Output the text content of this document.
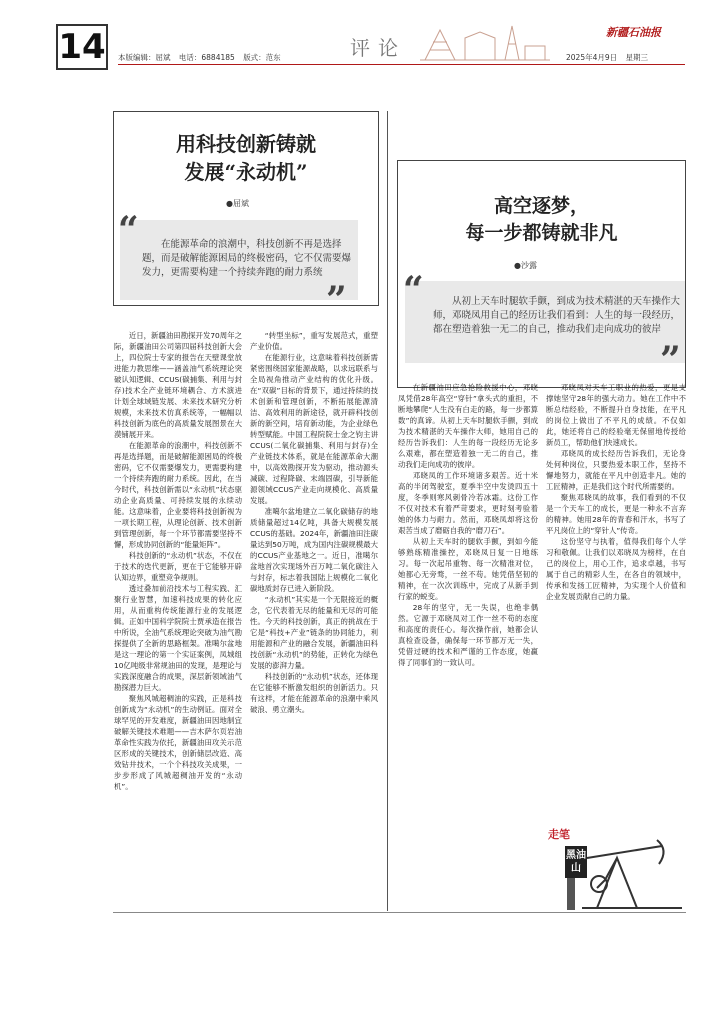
14	本版编辑：屈斌 电话：6884185 版式：范东	评论
新疆石油报
2025年4月9日 星期三
用科技创新铸就
发展“永动机”
●屈斌

在能源革命的浪潮中，科技创新不再是选择题，而是破解能源困局的终极密码，它不仅需要爆发力，更需要构建一个持续奔跑的耐力系统

“
”

近日，新疆油田勘探开发70周年之际，新疆油田公司第四届科技创新大会上，四位院士专家的报告在天壁课堂放进能力教思维——涵盖油气系统理论突破认知逻辑、CCUS(碳捕集、利用与封存)技术全产业链环境耦合、方术演进计划全球域链发展、未来技术研究分析规模，未来技术仿真系统等，一幅幅以科技创新为底色的高质量发展图景在大漠铺展开来。

在能源革命的浪潮中，科技创新不再是选择题，而是破解能源困局的终极密码，它不仅需要爆发力，更需要构建一个持续奔跑的耐力系统。因此，在当今时代，科技创新需以“永动机”状态驱动企业高质量、可持续发展的永续动能。这意味着，企业要将科技创新视为一项长期工程，从理论创新、技术创新到管理创新，每一个环节都需要坚持不懈，形成协同创新的“能量矩阵”。

科技创新的“永动机”状态，不仅在于技术的迭代更新，更在于它能够开辟认知边界，重塑竞争规则。

透过叠加前沿技术与工程实践、汇聚行业智慧，加速科技成果的转化应用，从而重构传统能源行业的发展逻辑。正如中国科学院院士贾承造在报告中所说，全油气系统理论突破为油气勘探提供了全新的思路框架。准噶尔盆地是这一理论的第一个实证案例，凤城组10亿吨级非常规油田的发现，是理论与实践深度融合的成果，深层新领域油气勘探潜力巨大。

聚焦风城超稠油的实践，正是科技创新成为“永动机”的生动例证。面对全球罕见的开发难度，新疆油田因地制宜破解关键技术难题——吉木萨尔页岩油革命性实践为依托，新疆油田攻关示范区形成的关键技术，创新储层改造、高效钻井技术，一个个科技攻关成果，一步步形成了风城超稠油开发的“永动机”。

“转型坐标”，重写发展范式，重塑产业价值。

在能源行业，这意味着科技创新需紧密围绕国家能源战略，以求远联系与全局视角推动产业结构的优化升级。在“双碳”目标的背景下，通过持续的技术创新和管理创新，不断拓展能源清洁、高效利用的新途径，就开辟科技创新的新空间，培育新动能，为企业绿色转型赋能。中国工程院院士金之钧主讲CCUS(二氧化碳捕集、利用与封存)全产业链技术体系，就是在能源革命大潮中，以高效勘探开发为驱动，推动源头减碳、过程降碳、末端固碳，引导新能源领域CCUS产业走向规模化、高质量发展。

准噶尔盆地建立二氧化碳储存的地质储量超过14亿吨，具备大规模发展CCUS的基础。2024年，新疆油田注碳量达到50万吨，成为国内注碳规模最大的CCUS产业基地之一。近日，准噶尔盆地首次实现场外百万吨二氧化碳注入与封存，标志着我国陆上规模化二氧化碳地质封存已进入新阶段。

“永动机”其实是一个无限接近的概念，它代表着无尽的能量和无尽的可能性。今天的科技创新，真正的挑战在于它是“科技+产业”链条的协同能力，利用能源和产业的融合发展，新疆油田科技创新“永动机”的势能，正转化为绿色发展的澎湃力量。

科技创新的“永动机”状态，还体现在它能够不断激发组织的创新活力。只有这样，才能在能源革命的浪潮中乘风破浪、勇立潮头。

高空逐梦，
每一步都铸就非凡
●沙露

从初上天车时腿软手颤，到成为技术精湛的天车操作大师，邓晓凤用自己的经历让我们看到：人生的每一段经历，都在塑造着独一无二的自己，推动我们走向成功的彼岸

“
”

在新疆油田应急抢险救援中心，邓晓凤凭借28年高空“穿针”拿头式的重担，不断地攀爬“人生没有白走的路，每一步都算数”的真谛。从初上天车时腿软手颤，到成为技术精湛的天车操作大师，她用自己的经历告诉我们：人生的每一段经历无论多么艰难，都在塑造着独一无二的自己，推动我们走向成功的彼岸。

邓晓凤的工作环境诸多艰苦。近十米高的半闭驾驶室，夏季半空中发烫四五十度，冬季则寒风刺骨冷若冰霜。这份工作不仅对技术有着严苛要求，更时刻考验着她的体力与耐力。然而，邓晓凤却将这份艰苦当成了磨砺自我的“磨刀石”。

从初上天车时的腿软手颤，到如今能够熟练精准操控，邓晓凤日复一日地练习。每一次起吊重物、每一次精准对位，她都心无旁骛，一丝不苟。她凭借坚韧的精神，在一次次训练中，完成了从新手到行家的蜕变。

28年的坚守，无一失误，也绝非偶然。它源于邓晓凤对工作一丝不苟的态度和高度的责任心。每次操作前，她都会认真检查设备，确保每一环节都万无一失，凭借过硬的技术和严谨的工作态度，她赢得了同事们的一致认可。

邓晓凤对天车工职业的热爱，更是支撑她坚守28年的强大动力。她在工作中不断总结经验，不断提升自身技能，在平凡的岗位上做出了不平凡的成绩。不仅如此，她还将自己的经验毫无保留地传授给新员工，帮助他们快速成长。

邓晓凤的成长经历告诉我们，无论身处何种岗位，只要热爱本职工作，坚持不懈地努力，就能在平凡中创造非凡。她的工匠精神，正是我们这个时代所需要的。

聚焦邓晓凤的故事，我们看到的不仅是一个天车工的成长，更是一种永不言弃的精神。她用28年的青春和汗水，书写了平凡岗位上的“穿针人”传奇。

这份坚守与执着，值得我们每个人学习和敬佩。让我们以邓晓凤为榜样，在自己的岗位上，用心工作，追求卓越，书写属于自己的精彩人生，在各自的领域中，传承和发扬工匠精神，为实现个人价值和企业发展贡献自己的力量。

走笔
黑油山
